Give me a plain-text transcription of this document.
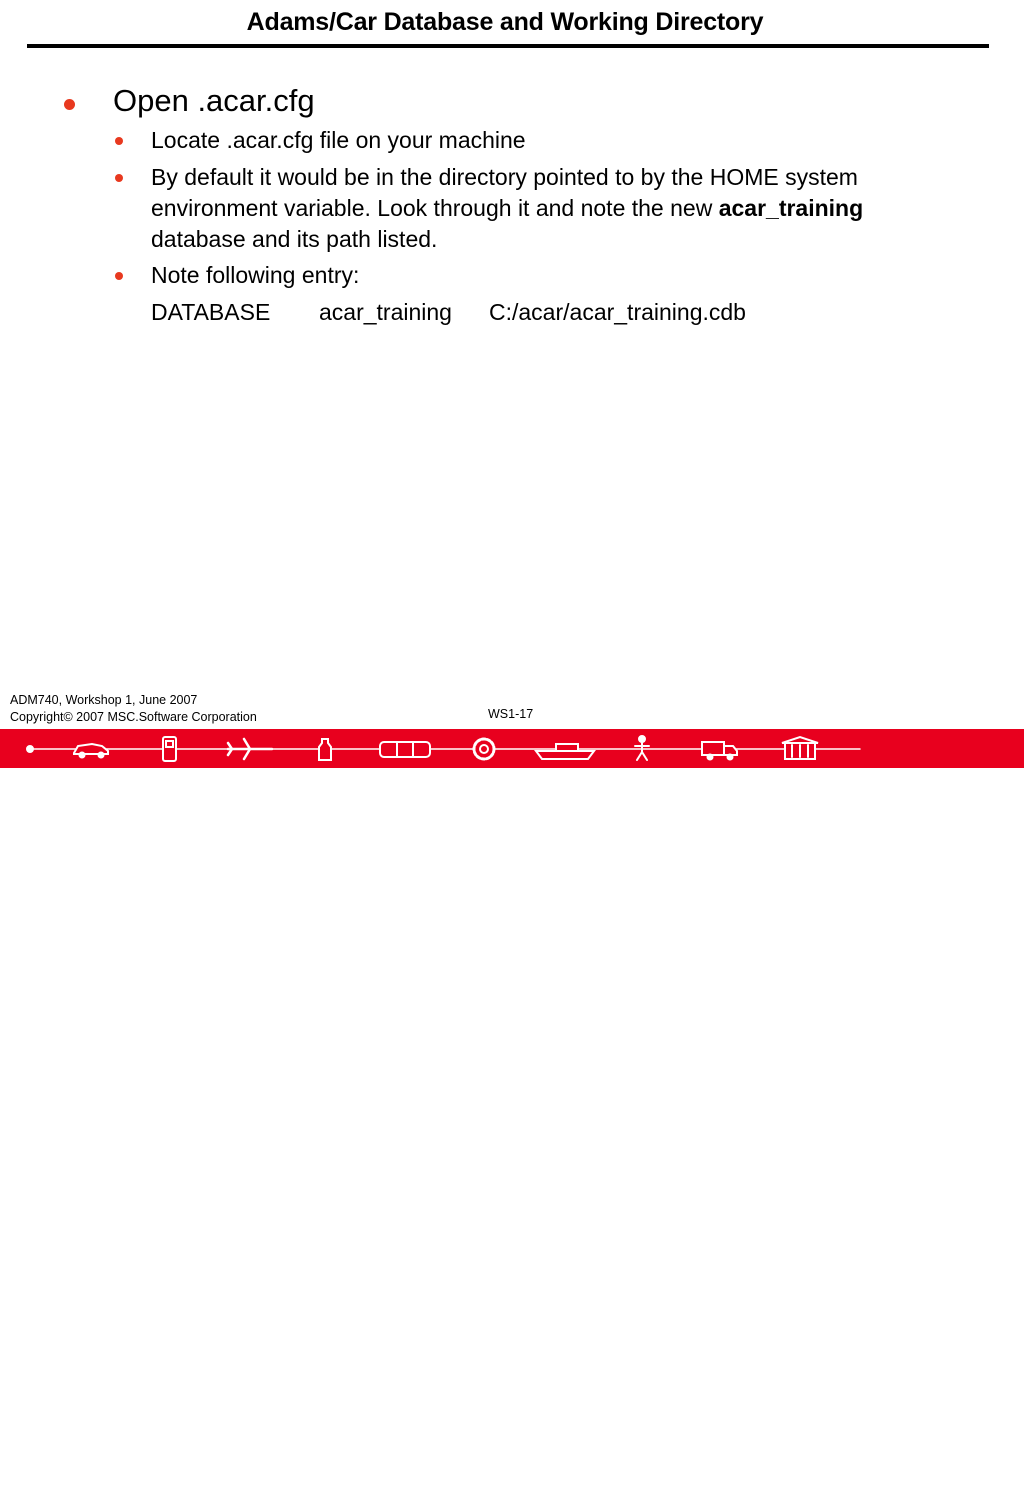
Adams/Car Database and Working Directory
Open .acar.cfg
Locate .acar.cfg file on your machine
By default it would be in the directory pointed to by the HOME system
environment variable. Look through it and note the new acar_training
database and its path listed.
Note following entry:
DATABASE acar_training C:/acar/acar_training.cdb
ADM740, Workshop 1, June 2007
Copyright© 2007 MSC.Software Corporation	WS1-17
MSC✕Software
